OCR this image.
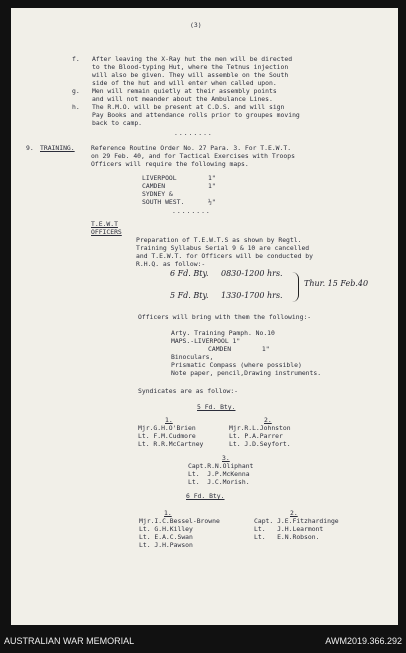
(3)
f. After leaving the X-Ray hut the men will be directed
to the Blood-typing Hut, where the Tetnus injection
will also be given. They will assemble on the South
side of the hut and will enter when called upon.
g. Men will remain quietly at their assembly points
and will not meander about the Ambulance Lines.
h. The R.M.O. will be present at C.D.S. and will sign
Pay Books and attendance rolls prior to groupes moving
back to camp.
........
9. TRAINING.	Reference Routine Order No. 27 Para. 3. For T.E.W.T.
on 29 Feb. 40, and for Tactical Exercises with Troops
Officers will require the following maps.
LIVERPOOL	1"
CAMDEN	1"
SYDNEY &
SOUTH WEST.	½"
........
T.E.W.T
OFFICERS
Preparation of T.E.W.T.S as shown by Regtl.
Training Syllabus Serial 9 & 10 are cancelled
and T.E.W.T. for Officers will be conducted by
R.H.Q. as follow:-
6 Fd. Bty. 0830-1200 hrs.
5 Fd. Bty. 1330-1700 hrs.
Thur. 15 Feb.40
Officers will bring with them the following:-
Arty. Training Pamph. No.10
MAPS.-LIVERPOOL 1"
CAMDEN        1"
Binoculars,
Prismatic Compass (where possible)
Note paper, pencil,Drawing instruments.
Syndicates are as follow:-
5 Fd. Bty.
1.
Mjr.G.H.O'Brien
Lt. F.M.Cudmore
Lt. R.R.McCartney
2.
Mjr.R.L.Johnston
Lt. P.A.Parrer
Lt. J.D.Seyfort.
3.
Capt.R.N.Oliphant
Lt.  J.P.McKenna
Lt.  J.C.Morish.
6 Fd. Bty.
1.
Mjr.I.C.Bessel-Browne
Lt. G.H.Killey
Lt. E.A.C.Swan
Lt. J.H.Pawson
2.
Capt. J.E.Fitzhardinge
Lt.   J.H.Learmont
Lt.   E.N.Robson.
AUSTRALIAN WAR MEMORIAL	AWM2019.366.292
